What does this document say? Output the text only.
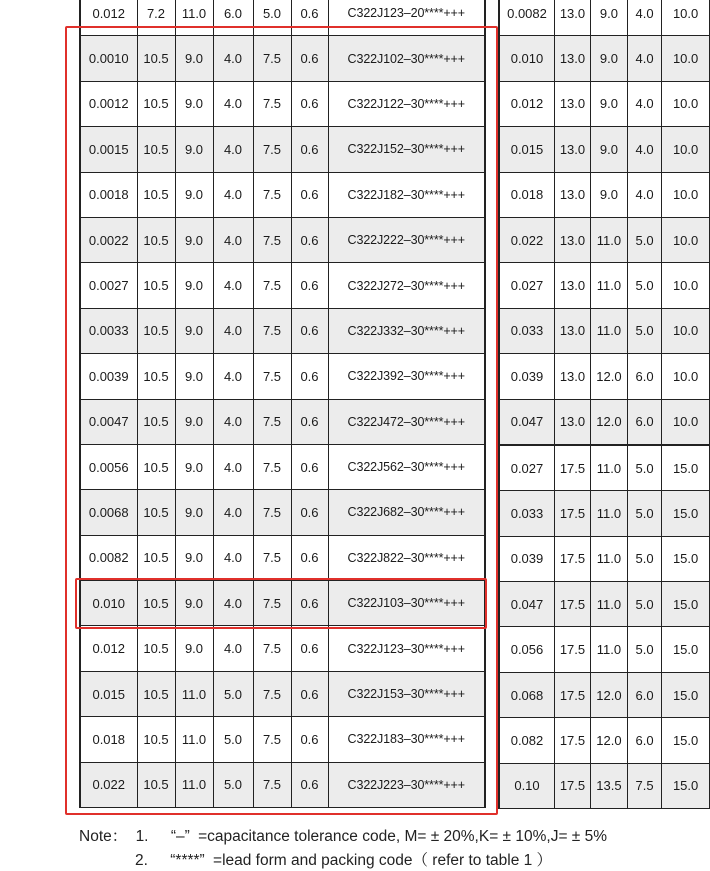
0.012	7.2	11.0	6.0	5.0	0.6	C322J123–20****+++
0.0010	10.5	9.0	4.0	7.5	0.6	C322J102–30****+++
0.0012	10.5	9.0	4.0	7.5	0.6	C322J122–30****+++
0.0015	10.5	9.0	4.0	7.5	0.6	C322J152–30****+++
0.0018	10.5	9.0	4.0	7.5	0.6	C322J182–30****+++
0.0022	10.5	9.0	4.0	7.5	0.6	C322J222–30****+++
0.0027	10.5	9.0	4.0	7.5	0.6	C322J272–30****+++
0.0033	10.5	9.0	4.0	7.5	0.6	C322J332–30****+++
0.0039	10.5	9.0	4.0	7.5	0.6	C322J392–30****+++
0.0047	10.5	9.0	4.0	7.5	0.6	C322J472–30****+++
0.0056	10.5	9.0	4.0	7.5	0.6	C322J562–30****+++
0.0068	10.5	9.0	4.0	7.5	0.6	C322J682–30****+++
0.0082	10.5	9.0	4.0	7.5	0.6	C322J822–30****+++
0.010	10.5	9.0	4.0	7.5	0.6	C322J103–30****+++
0.012	10.5	9.0	4.0	7.5	0.6	C322J123–30****+++
0.015	10.5	11.0	5.0	7.5	0.6	C322J153–30****+++
0.018	10.5	11.0	5.0	7.5	0.6	C322J183–30****+++
0.022	10.5	11.0	5.0	7.5	0.6	C322J223–30****+++
0.0082	13.0	9.0	4.0	10.0
0.010	13.0	9.0	4.0	10.0
0.012	13.0	9.0	4.0	10.0
0.015	13.0	9.0	4.0	10.0
0.018	13.0	9.0	4.0	10.0
0.022	13.0	11.0	5.0	10.0
0.027	13.0	11.0	5.0	10.0
0.033	13.0	11.0	5.0	10.0
0.039	13.0	12.0	6.0	10.0
0.047	13.0	12.0	6.0	10.0
0.027	17.5	11.0	5.0	15.0
0.033	17.5	11.0	5.0	15.0
0.039	17.5	11.0	5.0	15.0
0.047	17.5	11.0	5.0	15.0
0.056	17.5	11.0	5.0	15.0
0.068	17.5	12.0	6.0	15.0
0.082	17.5	12.0	6.0	15.0
0.10	17.5	13.5	7.5	15.0
Note： 1. “–” =capacitance tolerance code, M= ± 20%,K= ± 10%,J= ± 5%
2. “****” =lead form and packing code（ refer to table 1 ）
